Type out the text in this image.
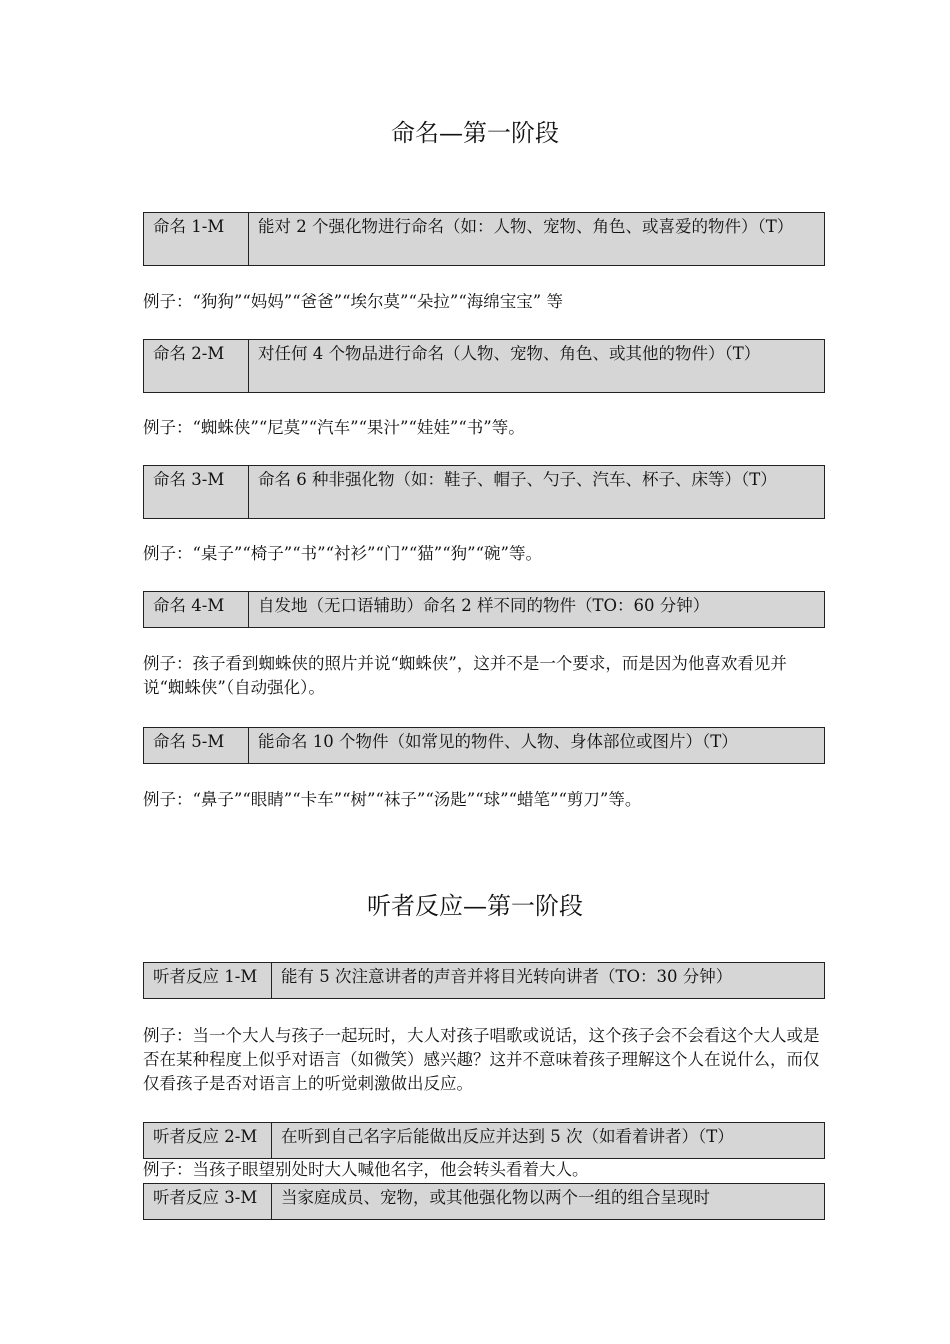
命名—第一阶段
命名 1-M	能对 2 个强化物进行命名（如：人物、宠物、角色、或喜爱的物件）（T）

例子：“狗狗”“妈妈”“爸爸”“埃尔莫”“朵拉”“海绵宝宝” 等

命名 2-M	对任何 4 个物品进行命名（人物、宠物、角色、或其他的物件）（T）

例子：“蜘蛛侠”“尼莫”“汽车”“果汁”“娃娃”“书”等。

命名 3-M	命名 6 种非强化物（如：鞋子、帽子、勺子、汽车、杯子、床等）（T）

例子：“桌子”“椅子”“书”“衬衫”“门”“猫”“狗”“碗”等。

命名 4-M	自发地（无口语辅助）命名 2 样不同的物件（TO：60 分钟）

例子：孩子看到蜘蛛侠的照片并说“蜘蛛侠”，这并不是一个要求，而是因为他喜欢看见并说“蜘蛛侠”（自动强化）。

命名 5-M	能命名 10 个物件（如常见的物件、人物、身体部位或图片）（T）

例子：“鼻子”“眼睛”“卡车”“树”“袜子”“汤匙”“球”“蜡笔”“剪刀”等。

听者反应—第一阶段
听者反应 1-M	能有 5 次注意讲者的声音并将目光转向讲者（TO：30 分钟）

例子：当一个大人与孩子一起玩时，大人对孩子唱歌或说话，这个孩子会不会看这个大人或是否在某种程度上似乎对语言（如微笑）感兴趣？这并不意味着孩子理解这个人在说什么，而仅仅看孩子是否对语言上的听觉刺激做出反应。

听者反应 2-M	在听到自己名字后能做出反应并达到 5 次（如看着讲者）（T）

例子：当孩子眼望别处时大人喊他名字，他会转头看着大人。

听者反应 3-M	当家庭成员、宠物，或其他强化物以两个一组的组合呈现时
